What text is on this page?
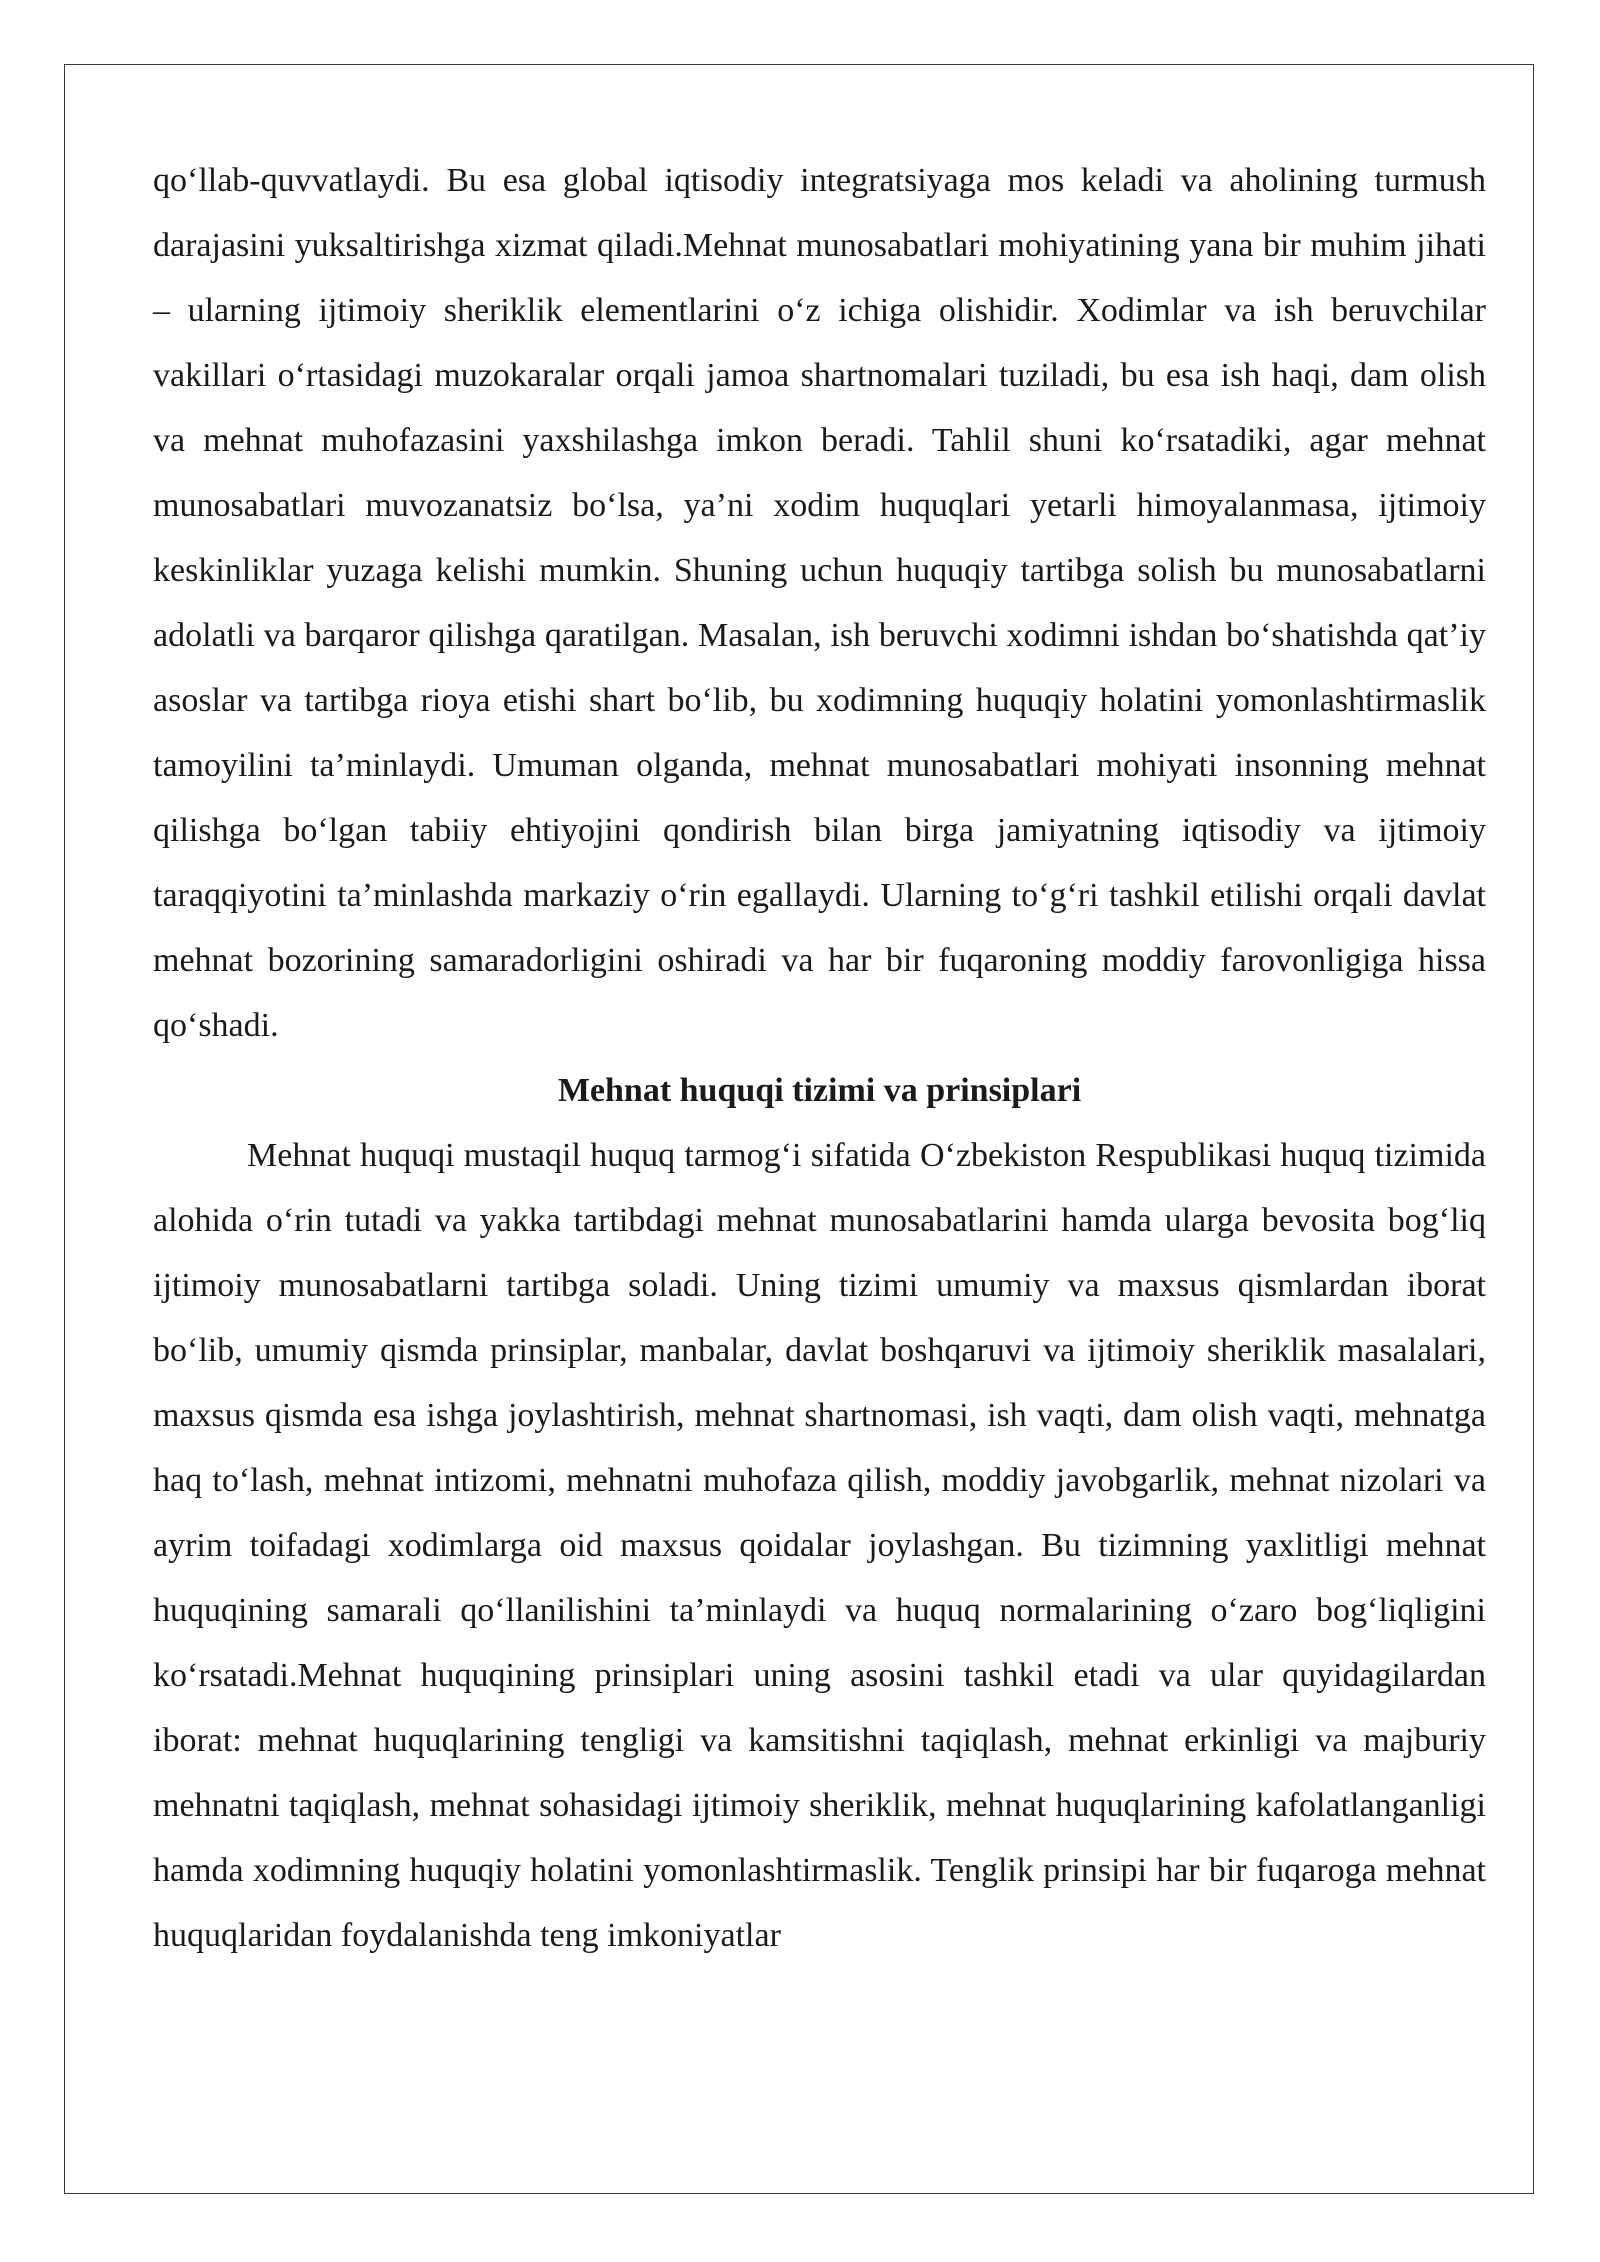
qo‘llab-quvvatlaydi. Bu esa global iqtisodiy integratsiyaga mos keladi va aholining turmush darajasini yuksaltirishga xizmat qiladi.Mehnat munosabatlari mohiyatining yana bir muhim jihati – ularning ijtimoiy sheriklik elementlarini o‘z ichiga olishidir. Xodimlar va ish beruvchilar vakillari o‘rtasidagi muzokaralar orqali jamoa shartnomalari tuziladi, bu esa ish haqi, dam olish va mehnat muhofazasini yaxshilashga imkon beradi. Tahlil shuni ko‘rsatadiki, agar mehnat munosabatlari muvozanatsiz bo‘lsa, ya’ni xodim huquqlari yetarli himoyalanmasa, ijtimoiy keskinliklar yuzaga kelishi mumkin. Shuning uchun huquqiy tartibga solish bu munosabatlarni adolatli va barqaror qilishga qaratilgan. Masalan, ish beruvchi xodimni ishdan bo‘shatishda qat’iy asoslar va tartibga rioya etishi shart bo‘lib, bu xodimning huquqiy holatini yomonlashtirmaslik tamoyilini ta’minlaydi. Umuman olganda, mehnat munosabatlari mohiyati insonning mehnat qilishga bo‘lgan tabiiy ehtiyojini qondirish bilan birga jamiyatning iqtisodiy va ijtimoiy taraqqiyotini ta’minlashda markaziy o‘rin egallaydi. Ularning to‘g‘ri tashkil etilishi orqali davlat mehnat bozorining samaradorligini oshiradi va har bir fuqaroning moddiy farovonligiga hissa qo‘shadi.

Mehnat huquqi tizimi va prinsiplari

Mehnat huquqi mustaqil huquq tarmog‘i sifatida O‘zbekiston Respublikasi huquq tizimida alohida o‘rin tutadi va yakka tartibdagi mehnat munosabatlarini hamda ularga bevosita bog‘liq ijtimoiy munosabatlarni tartibga soladi. Uning tizimi umumiy va maxsus qismlardan iborat bo‘lib, umumiy qismda prinsiplar, manbalar, davlat boshqaruvi va ijtimoiy sheriklik masalalari, maxsus qismda esa ishga joylashtirish, mehnat shartnomasi, ish vaqti, dam olish vaqti, mehnatga haq to‘lash, mehnat intizomi, mehnatni muhofaza qilish, moddiy javobgarlik, mehnat nizolari va ayrim toifadagi xodimlarga oid maxsus qoidalar joylashgan. Bu tizimning yaxlitligi mehnat huquqining samarali qo‘llanilishini ta’minlaydi va huquq normalarining o‘zaro bog‘liqligini ko‘rsatadi.Mehnat huquqining prinsiplari uning asosini tashkil etadi va ular quyidagilardan iborat: mehnat huquqlarining tengligi va kamsitishni taqiqlash, mehnat erkinligi va majburiy mehnatni taqiqlash, mehnat sohasidagi ijtimoiy sheriklik, mehnat huquqlarining kafolatlanganligi hamda xodimning huquqiy holatini yomonlashtirmaslik. Tenglik prinsipi har bir fuqaroga mehnat huquqlaridan foydalanishda teng imkoniyatlar
